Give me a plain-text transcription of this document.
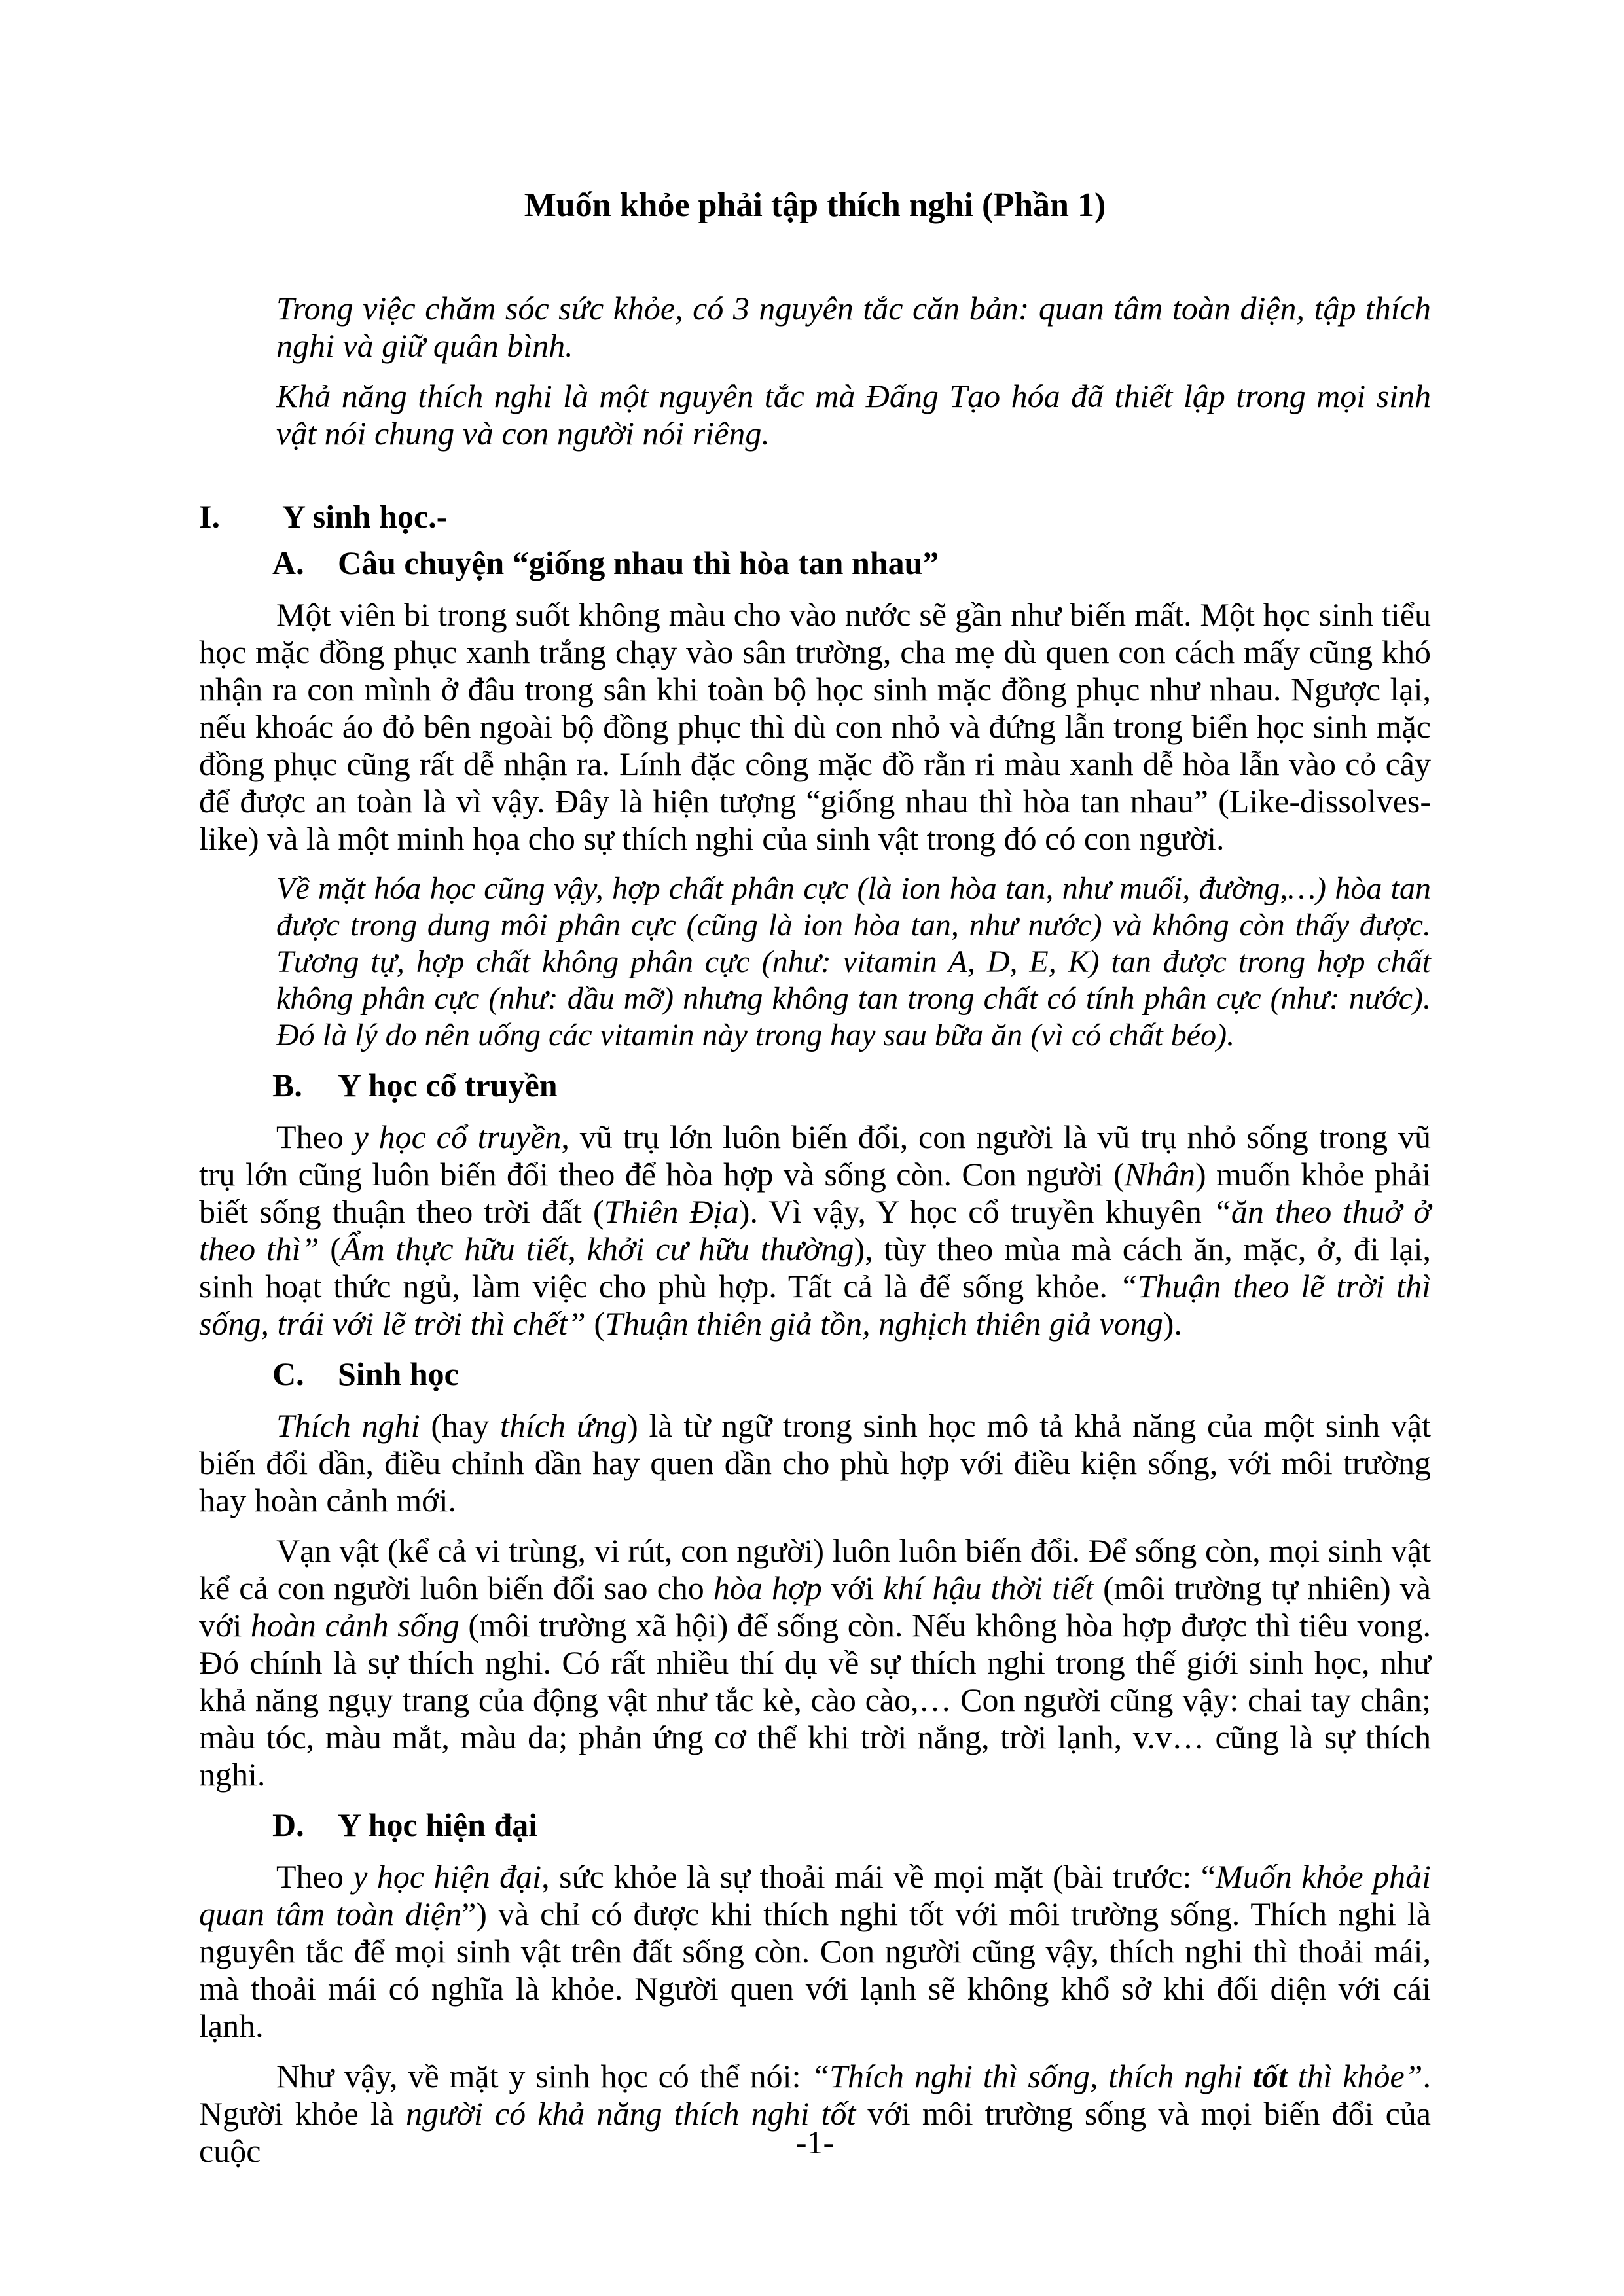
Muốn khỏe phải tập thích nghi (Phần 1)

Trong việc chăm sóc sức khỏe, có 3 nguyên tắc căn bản: quan tâm toàn diện, tập thích nghi và giữ quân bình.

Khả năng thích nghi là một nguyên tắc mà Đấng Tạo hóa đã thiết lập trong mọi sinh vật nói chung và con người nói riêng.

I. Y sinh học.-
A. Câu chuyện “giống nhau thì hòa tan nhau”

Một viên bi trong suốt không màu cho vào nước sẽ gần như biến mất. Một học sinh tiểu học mặc đồng phục xanh trắng chạy vào sân trường, cha mẹ dù quen con cách mấy cũng khó nhận ra con mình ở đâu trong sân khi toàn bộ học sinh mặc đồng phục như nhau. Ngược lại, nếu khoác áo đỏ bên ngoài bộ đồng phục thì dù con nhỏ và đứng lẫn trong biển học sinh mặc đồng phục cũng rất dễ nhận ra. Lính đặc công mặc đồ rằn ri màu xanh dễ hòa lẫn vào cỏ cây để được an toàn là vì vậy. Đây là hiện tượng “giống nhau thì hòa tan nhau” (Like-dissolves-like) và là một minh họa cho sự thích nghi của sinh vật trong đó có con người.

Về mặt hóa học cũng vậy, hợp chất phân cực (là ion hòa tan, như muối, đường,…) hòa tan được trong dung môi phân cực (cũng là ion hòa tan, như nước) và không còn thấy được. Tương tự, hợp chất không phân cực (như: vitamin A, D, E, K) tan được trong hợp chất không phân cực (như: dầu mỡ) nhưng không tan trong chất có tính phân cực (như: nước). Đó là lý do nên uống các vitamin này trong hay sau bữa ăn (vì có chất béo).

B. Y học cổ truyền

Theo y học cổ truyền, vũ trụ lớn luôn biến đổi, con người là vũ trụ nhỏ sống trong vũ trụ lớn cũng luôn biến đổi theo để hòa hợp và sống còn. Con người (Nhân) muốn khỏe phải biết sống thuận theo trời đất (Thiên Địa). Vì vậy, Y học cổ truyền khuyên “ăn theo thuở ở theo thì” (Ẩm thực hữu tiết, khởi cư hữu thường), tùy theo mùa mà cách ăn, mặc, ở, đi lại, sinh hoạt thức ngủ, làm việc cho phù hợp. Tất cả là để sống khỏe. “Thuận theo lẽ trời thì sống, trái với lẽ trời thì chết” (Thuận thiên giả tồn, nghịch thiên giả vong).

C. Sinh học

Thích nghi (hay thích ứng) là từ ngữ trong sinh học mô tả khả năng của một sinh vật biến đổi dần, điều chỉnh dần hay quen dần cho phù hợp với điều kiện sống, với môi trường hay hoàn cảnh mới.

Vạn vật (kể cả vi trùng, vi rút, con người) luôn luôn biến đổi. Để sống còn, mọi sinh vật kể cả con người luôn biến đổi sao cho hòa hợp với khí hậu thời tiết (môi trường tự nhiên) và với hoàn cảnh sống (môi trường xã hội) để sống còn. Nếu không hòa hợp được thì tiêu vong. Đó chính là sự thích nghi. Có rất nhiều thí dụ về sự thích nghi trong thế giới sinh học, như khả năng ngụy trang của động vật như tắc kè, cào cào,… Con người cũng vậy: chai tay chân; màu tóc, màu mắt, màu da; phản ứng cơ thể khi trời nắng, trời lạnh, v.v… cũng là sự thích nghi.

D. Y học hiện đại

Theo y học hiện đại, sức khỏe là sự thoải mái về mọi mặt (bài trước: “Muốn khỏe phải quan tâm toàn diện”) và chỉ có được khi thích nghi tốt với môi trường sống. Thích nghi là nguyên tắc để mọi sinh vật trên đất sống còn. Con người cũng vậy, thích nghi thì thoải mái, mà thoải mái có nghĩa là khỏe. Người quen với lạnh sẽ không khổ sở khi đối diện với cái lạnh.

Như vậy, về mặt y sinh học có thể nói: “Thích nghi thì sống, thích nghi tốt thì khỏe”. Người khỏe là người có khả năng thích nghi tốt với môi trường sống và mọi biến đổi của cuộc	-1-
